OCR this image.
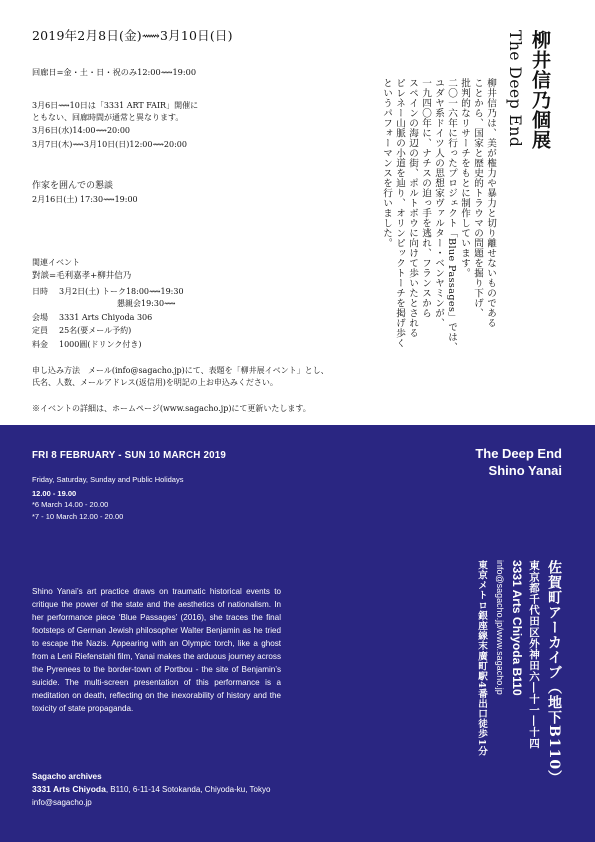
2019年2月8日(金)⟿3月10日(日)
回廊日=金・土・日・祝のみ12:00⟿19:00
3月6日⟿10日は「3331 ART FAIR」開催に
ともない、回廊時間が通常と異なります。
3月6日(水)14:00⟿20:00
3月7日(木)⟿3月10日(日)12:00⟿20:00
作家を囲んでの懇談
2月16日(土) 17:30⟿19:00
関連イベント
對談=毛利嘉孝+柳井信乃
日時 3月2日(土) トーク18:00⟿19:30
懇親会19:30⟿
会場 3331 Arts Chiyoda 306
定員 25名(要メール予約)
料金 1000圓(ドリンク付き)
申し込み方法　メール(info@sagacho.jp)にて、表題を「柳井展イベント」とし、
氏名、人数、メールアドレス(返信用)を明記の上お申込みください。
※イベントの詳細は、ホームページ(www.sagacho.jp)にて更新いたします。
柳井信乃個展
The Deep End
柳井信乃は、美が権力や暴力と切り離せないものである
ことから、国家と歴史的トラウマの問題を掘り下げ、
批判的なリサーチをもとに制作しています。
二〇一六年に行ったプロジェクト「Blue Passages」では、
ユダヤ系ドイツ人の思想家ヴァルター・ベンヤミンが、
一九四〇年に、ナチスの迫っ手を逃れ、フランスから
スペインの海辺の街、ポルトボウに向けて歩いたとされる
ピレネー山脈の小道を辿り、オリンピックトーチを掲げ歩く
というパフォーマンスを行いました。
FRI 8 FEBRUARY - SUN 10 MARCH 2019
Friday, Saturday, Sunday and Public Holidays
12.00 - 19.00
*6 March 14.00 - 20.00
*7 - 10 March 12.00 - 20.00
The Deep End
Shino Yanai
Shino Yanai’s art practice draws on traumatic historical events to critique the power of the state and the aesthetics of nationalism. In her performance piece ‘Blue Passages’ (2016), she traces the final footsteps of German Jewish philosopher Walter Benjamin as he tried to escape the Nazis. Appearing with an Olympic torch, like a ghost from a Leni Riefenstahl film, Yanai makes the arduous journey across the Pyrenees to the border-town of Portbou - the site of Benjamin’s suicide. The multi-screen presentation of this performance is a meditation on death, reflecting on the inexorability of history and the toxicity of state propaganda.
Sagacho archives
3331 Arts Chiyoda, B110, 6-11-14 Sotokanda, Chiyoda-ku, Tokyo
info@sagacho.jp
佐賀町アーカイブ（地下B110）
東京都千代田区外神田六―十一―十四
3331 Arts Chiyoda B110
info@sagacho.jp/www.sagacho.jp
東京メトロ銀座線末廣町駅4番出口徒歩1分
